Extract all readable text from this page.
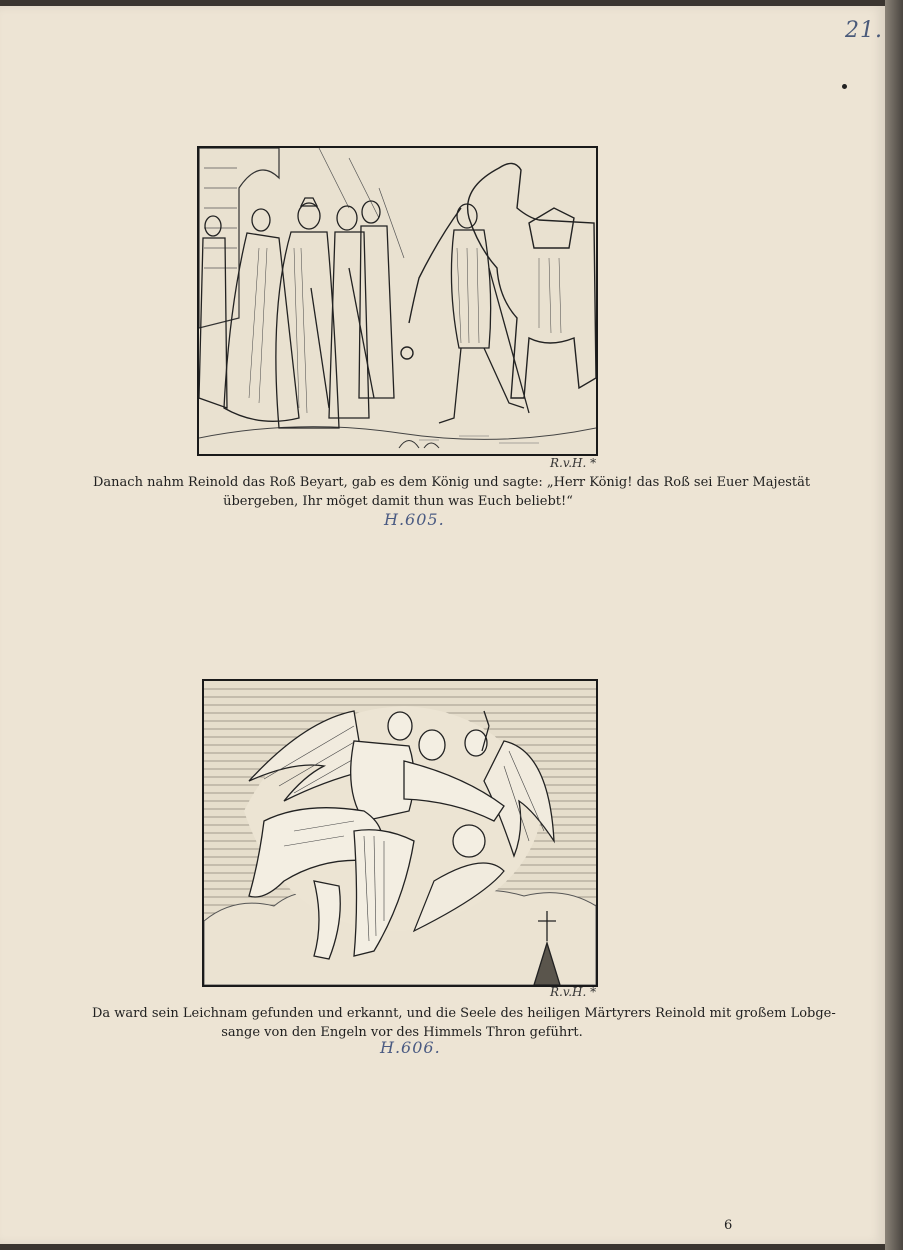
21.
R.v.H. *
Danach nahm Reinold das Roß Beyart, gab es dem König und sagte: „Herr König! das Roß sei Euer Majestät
übergeben, Ihr möget damit thun was Euch beliebt!“
H.605.
R.v.H. *
Da ward sein Leichnam gefunden und erkannt, und die Seele des heiligen Märtyrers Reinold mit großem Lobge-
sange von den Engeln vor des Himmels Thron geführt.
H.606.
6
